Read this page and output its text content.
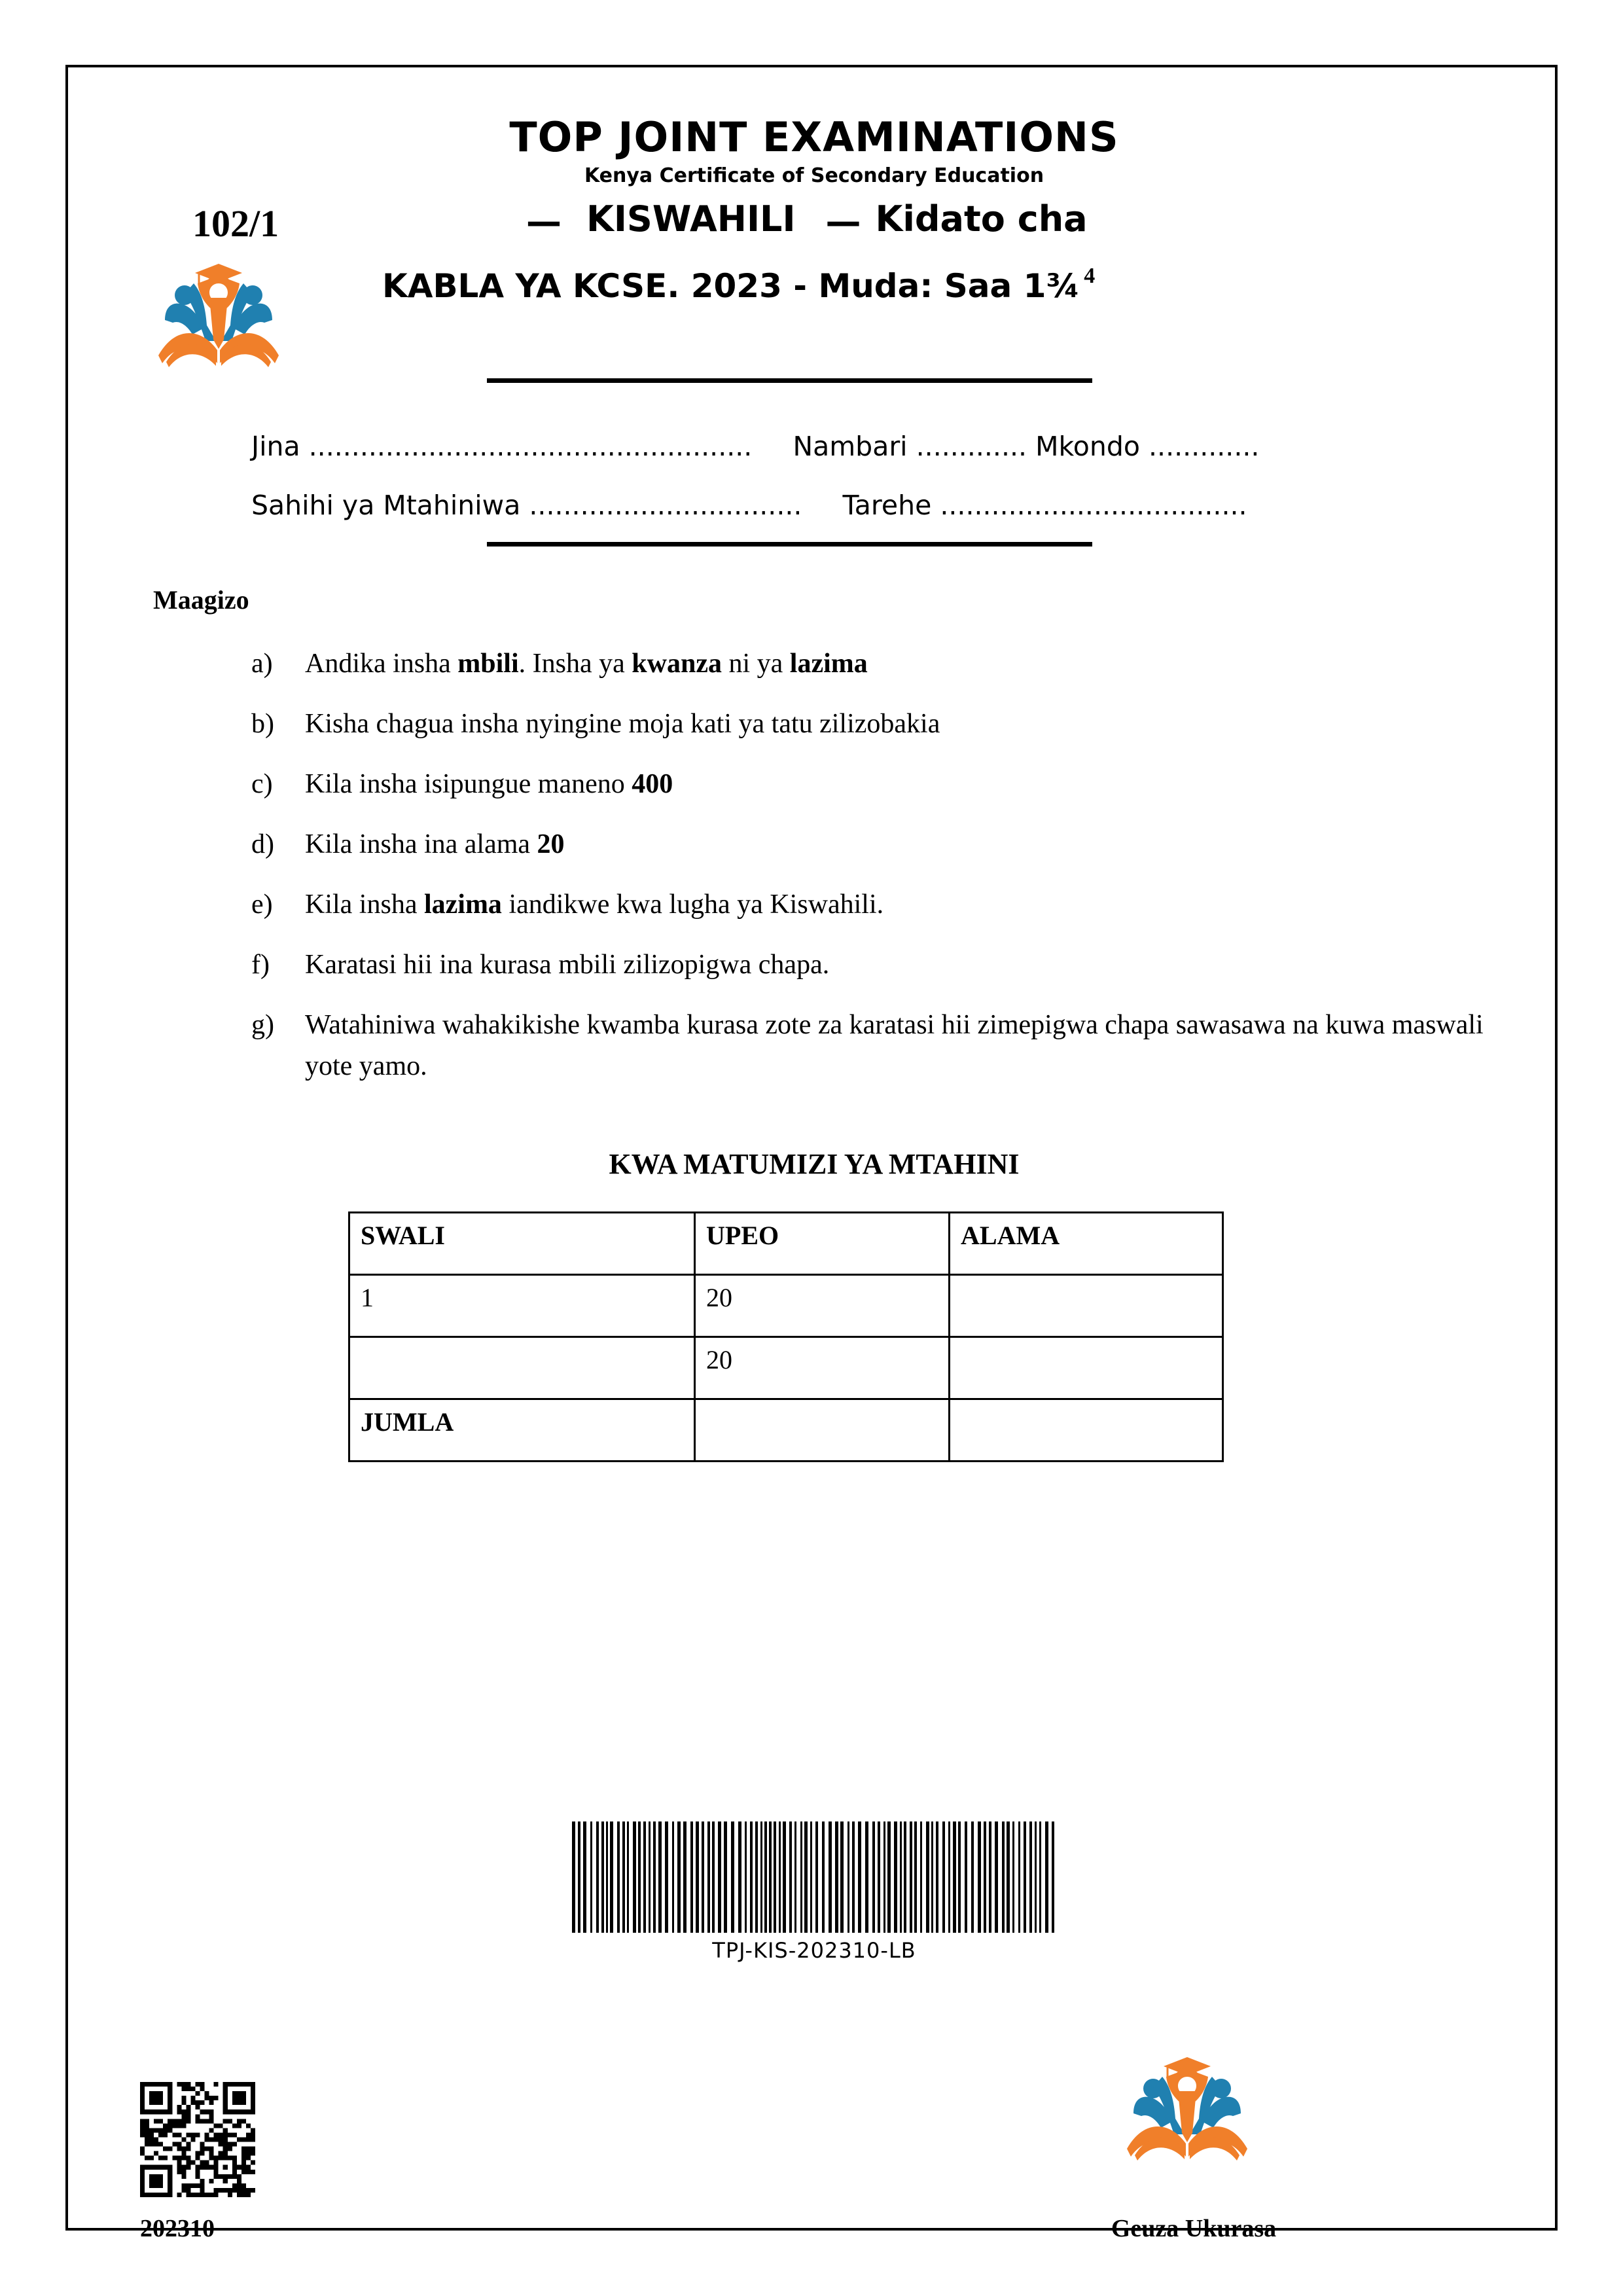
TOP JOINT EXAMINATIONS
Kenya Certificate of Secondary Education
102/1	— KISWAHILI — Kidato cha
KABLA YA KCSE. 2023 - Muda: Saa 1¾ $^4$
Jina .................................................... Nambari ............. Mkondo .............
Sahihi ya Mtahiniwa ................................ Tarehe ....................................
Maagizo
a)	Andika insha mbili. Insha ya kwanza ni ya lazima
b)	Kisha chagua insha nyingine moja kati ya tatu zilizobakia
c)	Kila insha isipungue maneno 400
d)	Kila insha ina alama 20
e)	Kila insha lazima iandikwe kwa lugha ya Kiswahili.
f)	Karatasi hii ina kurasa mbili zilizopigwa chapa.
g)	Watahiniwa wahakikishe kwamba kurasa zote za karatasi hii zimepigwa chapa sawasawa na kuwa maswali yote yamo.
KWA MATUMIZI YA MTAHINI
SWALI	UPEO	ALAMA
1	20	
	20	
JUMLA		
TPJ-KIS-202310-LB
202310	Geuza Ukurasa
